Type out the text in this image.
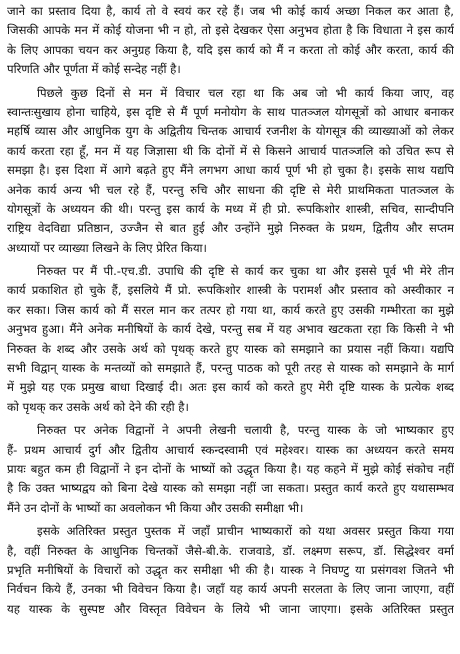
जाने का प्रस्ताव दिया है, कार्य तो वे स्वयं कर रहे हैं। जब भी कोई कार्य अच्छा निकल कर आता है,
जिसकी आपके मन में कोई योजना भी न हो, तो इसे देखकर ऐसा अनुभव होता है कि विधाता ने इस कार्य
के लिए आपका चयन कर अनुग्रह किया है, यदि इस कार्य को मैं न करता तो कोई और करता, कार्य की
परिणति और पूर्णता में कोई सन्देह नहीं है।
पिछले कुछ दिनों से मन में विचार चल रहा था कि अब जो भी कार्य किया जाए, वह
स्वान्तःसुखाय होना चाहिये, इस दृष्टि से मैं पूर्ण मनोयोग के साथ पातञ्जल योगसूत्रों को आधार बनाकर
महर्षि व्यास और आधुनिक युग के अद्वितीय चिन्तक आचार्य रजनीश के योगसूत्र की व्याख्याओं को लेकर
कार्य करता रहा हूँ, मन में यह जिज्ञासा थी कि दोनों में से किसने आचार्य पातञ्जलि को उचित रूप से
समझा है। इस दिशा में आगे बढ़ते हुए मैंने लगभग आधा कार्य पूर्ण भी हो चुका है। इसके साथ यद्यपि
अनेक कार्य अन्य भी चल रहे हैं, परन्तु रुचि और साधना की दृष्टि से मेरी प्राथमिकता पातञ्जल के
योगसूत्रों के अध्ययन की थी। परन्तु इस कार्य के मध्य में ही प्रो. रूपकिशोर शास्त्री, सचिव, सान्दीपनि
राष्ट्रिय वेदविद्या प्रतिष्ठान, उज्जैन से बात हुई और उन्होंने मुझे निरुक्त के प्रथम, द्वितीय और सप्तम
अध्यायों पर व्याख्या लिखने के लिए प्रेरित किया।
निरुक्त पर मैं पी.-एच.डी. उपाधि की दृष्टि से कार्य कर चुका था और इससे पूर्व भी मेरे तीन
कार्य प्रकाशित हो चुके हैं, इसलिये मैं प्रो. रूपकिशोर शास्त्री के परामर्श और प्रस्ताव को अस्वीकार न
कर सका। जिस कार्य को मैं सरल मान कर तत्पर हो गया था, कार्य करते हुए उसकी गम्भीरता का मुझे
अनुभव हुआ। मैंने अनेक मनीषियों के कार्य देखे, परन्तु सब में यह अभाव खटकता रहा कि किसी ने भी
निरुक्त के शब्द और उसके अर्थ को पृथक् करते हुए यास्क को समझाने का प्रयास नहीं किया। यद्यपि
सभी विद्वान् यास्क के मन्तव्यों को समझाते हैं, परन्तु पाठक को पूरी तरह से यास्क को समझाने के मार्ग
में मुझे यह एक प्रमुख बाधा दिखाई दी। अतः इस कार्य को करते हुए मेरी दृष्टि यास्क के प्रत्येक शब्द
को पृथक् कर उसके अर्थ को देने की रही है।
निरुक्त पर अनेक विद्वानों ने अपनी लेखनी चलायी है, परन्तु यास्क के जो भाष्यकार हुए
हैं- प्रथम आचार्य दुर्ग और द्वितीय आचार्य स्कन्दस्वामी एवं महेश्वर। यास्क का अध्ययन करते समय
प्रायः बहुत कम ही विद्वानों ने इन दोनों के भाष्यों को उद्धृत किया है। यह कहने में मुझे कोई संकोच नहीं
है कि उक्त भाष्यद्वय को बिना देखे यास्क को समझा नहीं जा सकता। प्रस्तुत कार्य करते हुए यथासम्भव
मैंने उन दोनों के भाष्यों का अवलोकन भी किया और उसकी समीक्षा भी।
इसके अतिरिक्त प्रस्तुत पुस्तक में जहाँ प्राचीन भाष्यकारों को यथा अवसर प्रस्तुत किया गया
है, वहीं निरुक्त के आधुनिक चिन्तकों जैसे-बी.के. राजवाडे, डॉ. लक्ष्मण सरूप, डॉ. सिद्धेश्वर वर्मा
प्रभृति मनीषियों के विचारों को उद्धृत कर समीक्षा भी की है। यास्क ने निघण्टु या प्रसंगवश जितने भी
निर्वचन किये हैं, उनका भी विवेचन किया है। जहाँ यह कार्य अपनी सरलता के लिए जाना जाएगा, वहीं
यह यास्क के सुस्पष्ट और विस्तृत विवेचन के लिये भी जाना जाएगा। इसके अतिरिक्त प्रस्तुत
